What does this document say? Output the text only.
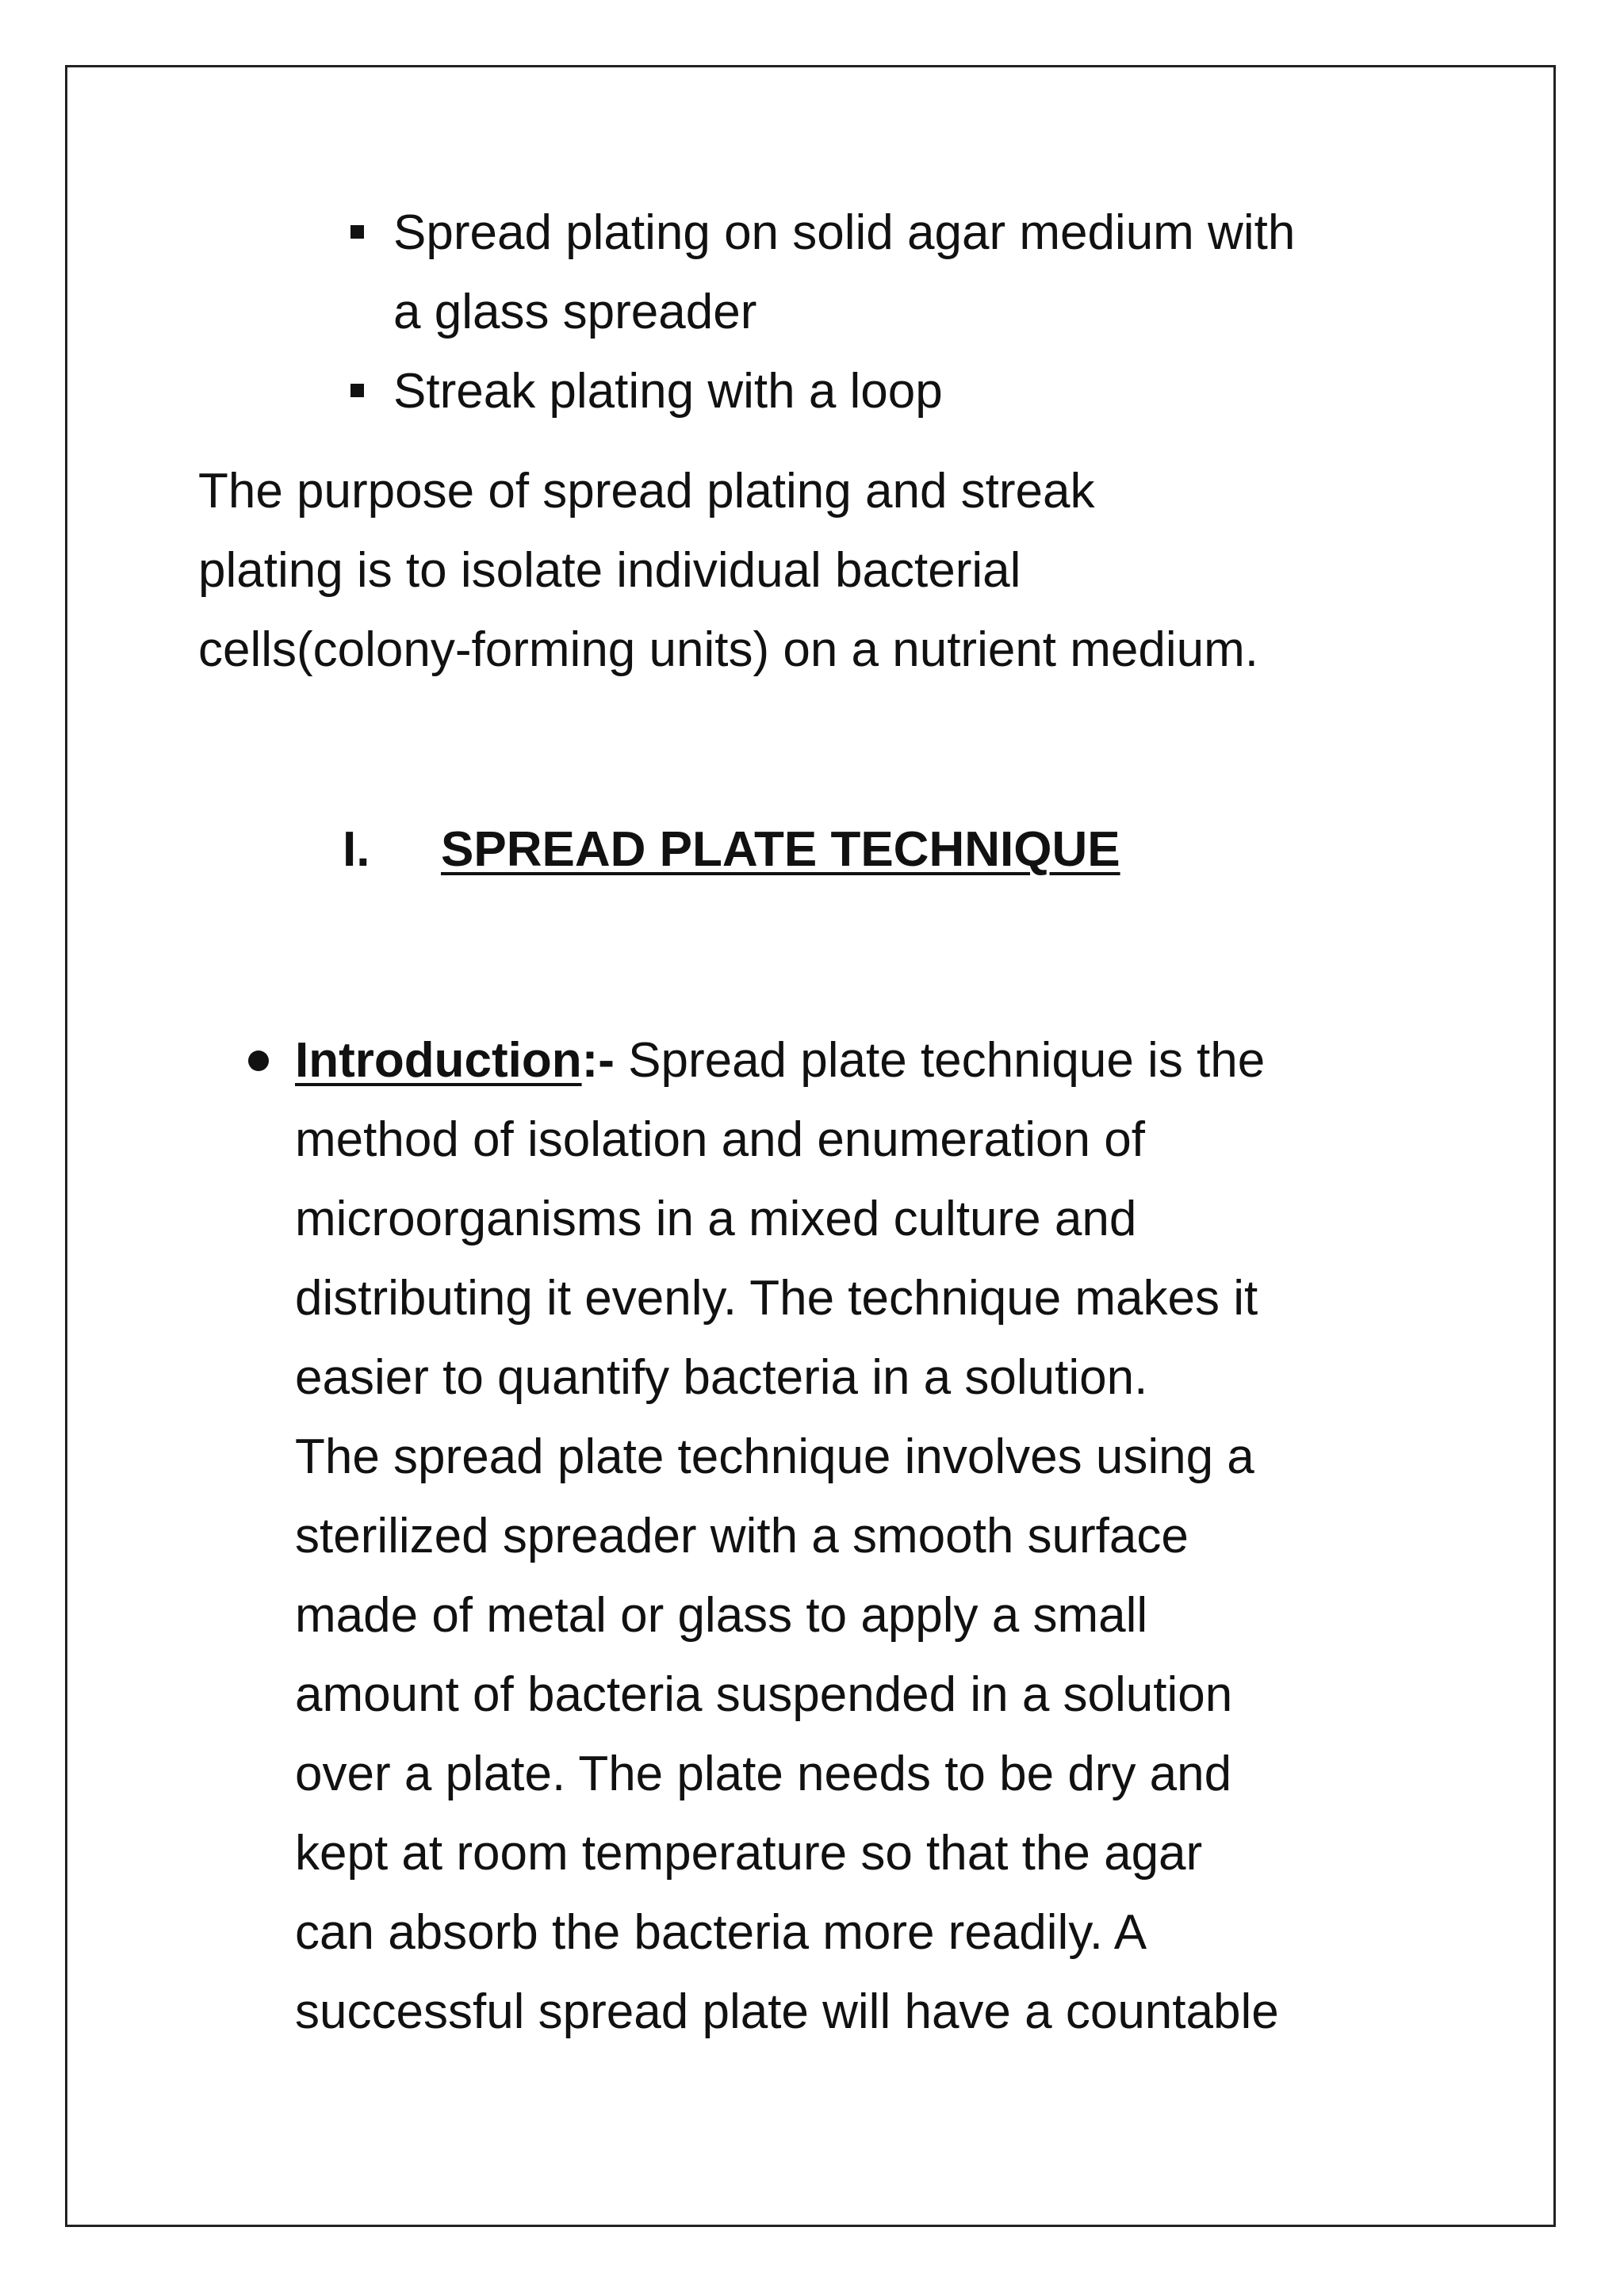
Spread plating on solid agar medium with
a glass spreader
Streak plating with a loop
The purpose of spread plating and streak
plating is to isolate individual bacterial
cells(colony-forming units) on a nutrient medium.
I. SPREAD PLATE TECHNIQUE
Introduction:- Spread plate technique is the
method of isolation and enumeration of
microorganisms in a mixed culture and
distributing it evenly. The technique makes it
easier to quantify bacteria in a solution.
The spread plate technique involves using a
sterilized spreader with a smooth surface
made of metal or glass to apply a small
amount of bacteria suspended in a solution
over a plate. The plate needs to be dry and
kept at room temperature so that the agar
can absorb the bacteria more readily. A
successful spread plate will have a countable
